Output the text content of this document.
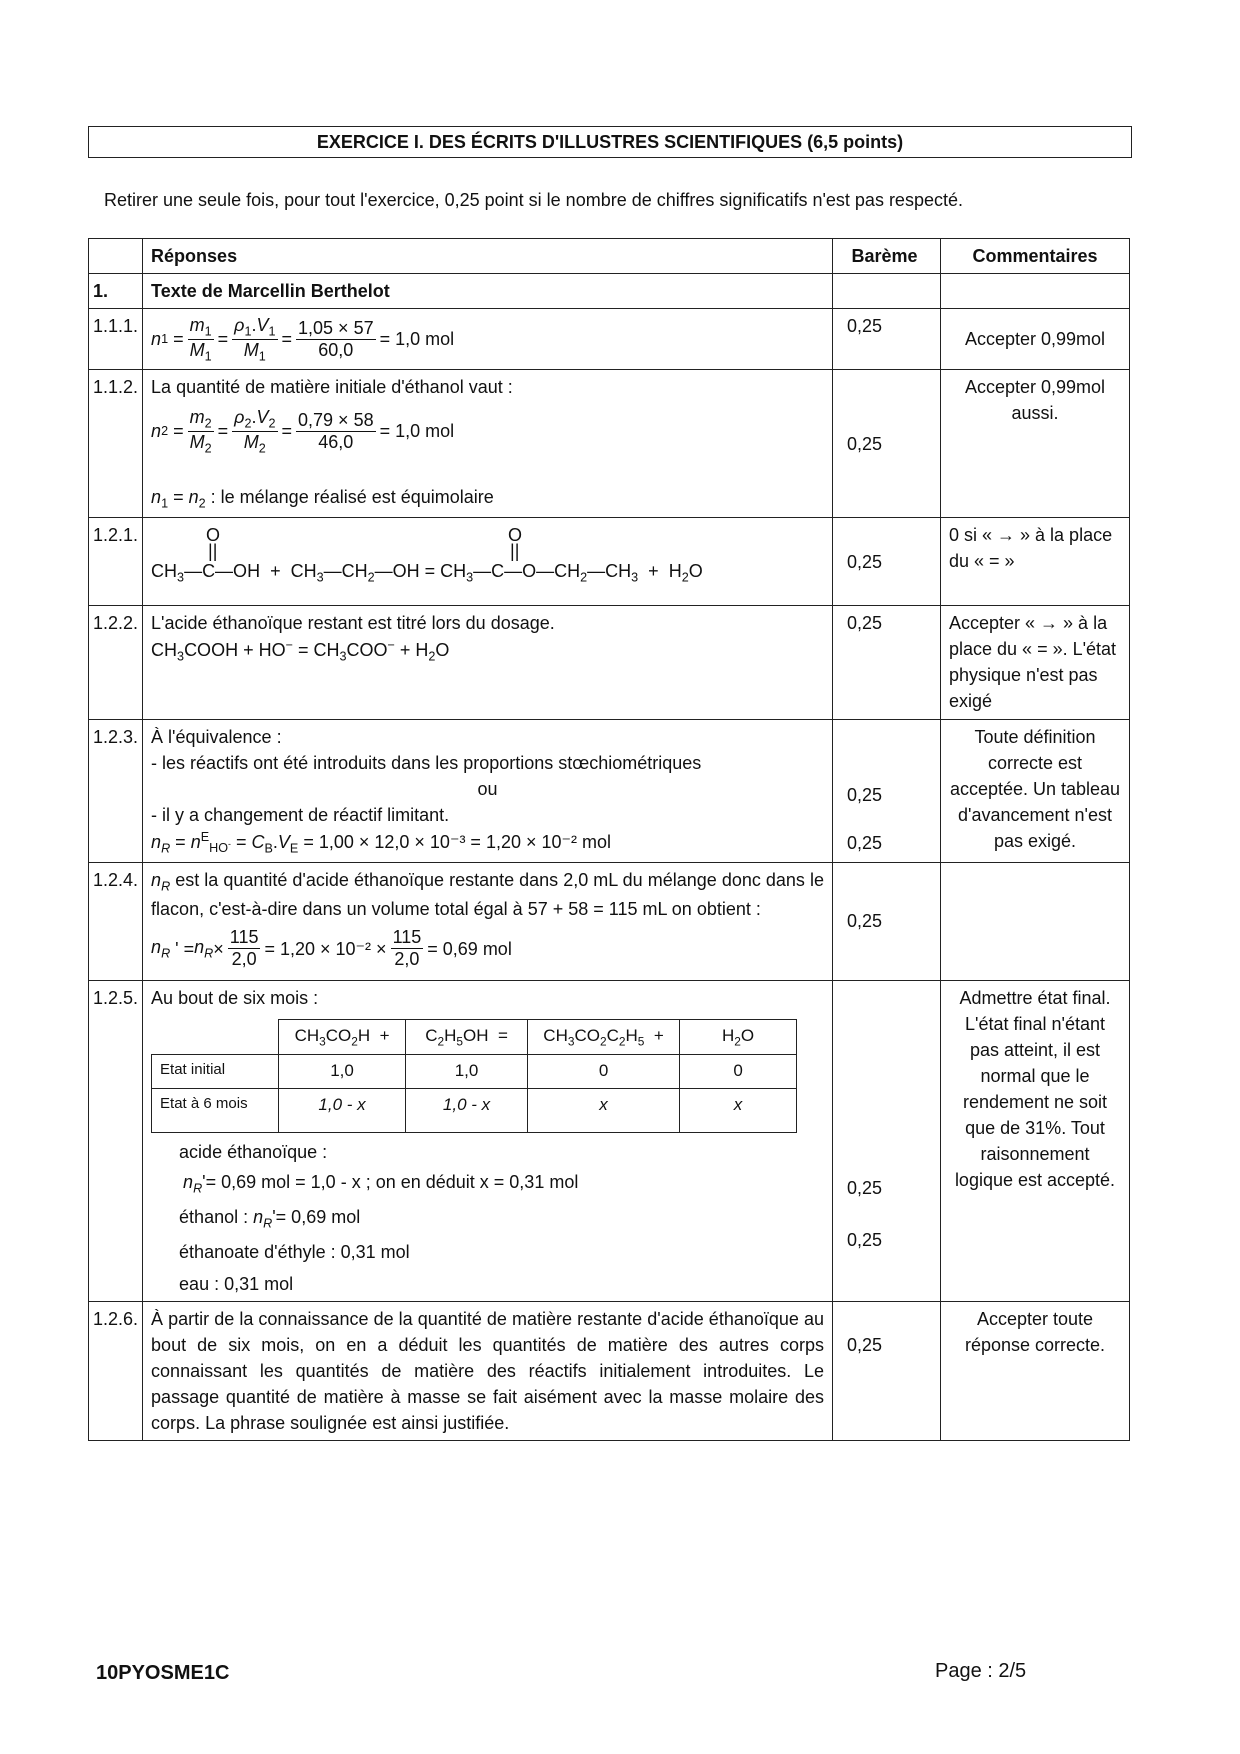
EXERCICE I. DES ÉCRITS D'ILLUSTRES SCIENTIFIQUES (6,5 points)
Retirer une seule fois, pour tout l'exercice, 0,25 point si le nombre de chiffres significatifs n'est pas respecté.
	Réponses	Barème	Commentaires
1.	Texte de Marcellin Berthelot		
1.1.1.	
n $1 = \frac{m_1}{M_1} = \frac{\rho_1.V_1}{M_1} = \frac{1,05 \times 57}{60,0} = 1,0$ mol
	0,25	Accepter 0,99mol
1.1.2.	La quantité de matière initiale d'éthanol vaut :
n $2 = \frac{m_2}{M_2} = \frac{\rho_2.V_2}{M_2} = \frac{0,79 \times 58}{46,0} = 1,0$ mol
$n_1 = n_2$ : le mélange réalisé est équimolaire
	0,25	Accepter 0,99mol aussi.
1.2.1.	O	O
||	||
$CH_3—C—OH$  +  $CH_3—CH_2—OH$ = $CH_3—C—O—CH_2—CH_3 + H_2O$	0,25	0 si « → » à la place du « = »
1.2.2.	L'acide éthanoïque restant est titré lors du dosage.
$CH_3COOH + HO^- = CH_3COO^- + H_2O$
	0,25	Accepter « → » à la place du « = ». L'état physique n'est pas exigé
1.2.3.	À l'équivalence :
- les réactifs ont été introduits dans les proportions stœchiométriques
ou
- il y a changement de réactif limitant.
$n_R = n^E_{HO^-} = C_B.V_E = 1,00 \times 12,0 \times 10^{-3} = 1,20 \times 10^{-2}$ mol

0,25
0,25
	Toute définition correcte est acceptée. Un tableau d'avancement n'est pas exigé.
1.2.4.	$n_R$ est la quantité d'acide éthanoïque restante dans 2,0 mL du mélange donc dans le flacon, c'est-à-dire dans un volume total égal à 57 + 58 = 115 mL on obtient :
$n_R$ ' = $n_R \times \frac{115}{2,0} = 1,20 \times 10^{-2} \times \frac{115}{2,0} = 0,69$ mol
	0,25	
1.2.5.	Au bout de six mois :
	$CH_3CO_2H$  +	$C_2H_5OH$  =	$CH_3CO_2C_2H_5$  +	$H_2O$
Etat initial	1,0	1,0	0	0
Etat à 6 mois	1,0 - x	1,0 - x	x	x
acide éthanoïque :
$n_R'= 0,69$ mol = 1,0 - x ; on en déduit x = 0,31 mol
éthanol : $n_R'= 0,69$ mol
éthanoate d'éthyle : 0,31 mol
eau : 0,31 mol

0,25
0,25
	Admettre état final. L'état final n'étant pas atteint, il est normal que le rendement ne soit que de 31%. Tout raisonnement logique est accepté.
1.2.6.	À partir de la connaissance de la quantité de matière restante d'acide éthanoïque au bout de six mois, on en a déduit les quantités de matière des autres corps connaissant les quantités de matière des réactifs initialement introduites. Le passage quantité de matière à masse se fait aisément avec la masse molaire des corps. La phrase soulignée est ainsi justifiée.	
0,25	Accepter toute réponse correcte.
10PYOSME1C	Page : 2/5
